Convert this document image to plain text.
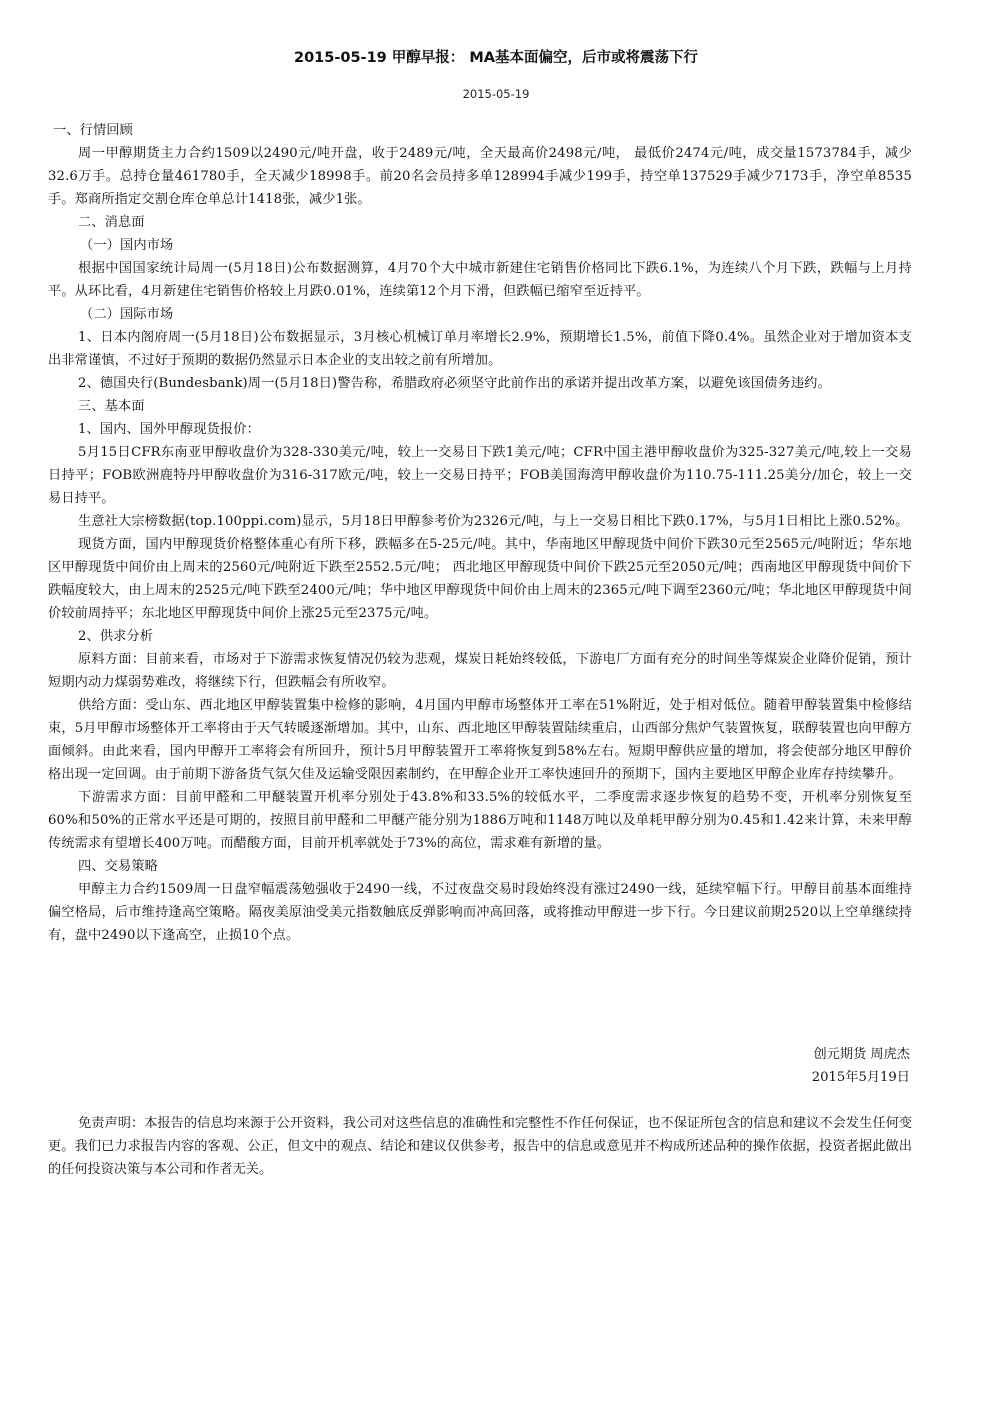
2015-05-19 甲醇早报： MA基本面偏空，后市或将震荡下行
2015-05-19

一、行情回顾

周一甲醇期货主力合约1509以2490元/吨开盘，收于2489元/吨，全天最高价2498元/吨， 最低价2474元/吨，成交量1573784手，减少32.6万手。总持仓量461780手，全天减少18998手。前20名会员持多单128994手减少199手，持空单137529手减少7173手，净空单8535手。郑商所指定交割仓库仓单总计1418张，减少1张。

二、消息面

（一）国内市场

根据中国国家统计局周一(5月18日)公布数据测算，4月70个大中城市新建住宅销售价格同比下跌6.1%，为连续八个月下跌，跌幅与上月持平。从环比看，4月新建住宅销售价格较上月跌0.01%，连续第12个月下滑，但跌幅已缩窄至近持平。

（二）国际市场

1、日本内阁府周一(5月18日)公布数据显示，3月核心机械订单月率增长2.9%，预期增长1.5%，前值下降0.4%。虽然企业对于增加资本支出非常谨慎，不过好于预期的数据仍然显示日本企业的支出较之前有所增加。

2、德国央行(Bundesbank)周一(5月18日)警告称，希腊政府必须坚守此前作出的承诺并提出改革方案，以避免该国债务违约。

三、基本面

1、国内、国外甲醇现货报价：

5月15日CFR东南亚甲醇收盘价为328-330美元/吨，较上一交易日下跌1美元/吨；CFR中国主港甲醇收盘价为325-327美元/吨,较上一交易日持平；FOB欧洲鹿特丹甲醇收盘价为316-317欧元/吨，较上一交易日持平；FOB美国海湾甲醇收盘价为110.75-111.25美分/加仑，较上一交易日持平。

生意社大宗榜数据(top.100ppi.com)显示，5月18日甲醇参考价为2326元/吨，与上一交易日相比下跌0.17%，与5月1日相比上涨0.52%。

现货方面，国内甲醇现货价格整体重心有所下移，跌幅多在5-25元/吨。其中，华南地区甲醇现货中间价下跌30元至2565元/吨附近；华东地区甲醇现货中间价由上周末的2560元/吨附近下跌至2552.5元/吨； 西北地区甲醇现货中间价下跌25元至2050元/吨；西南地区甲醇现货中间价下跌幅度较大，由上周末的2525元/吨下跌至2400元/吨；华中地区甲醇现货中间价由上周末的2365元/吨下调至2360元/吨；华北地区甲醇现货中间价较前周持平；东北地区甲醇现货中间价上涨25元至2375元/吨。

2、供求分析

原料方面：目前来看，市场对于下游需求恢复情况仍较为悲观，煤炭日耗始终较低，下游电厂方面有充分的时间坐等煤炭企业降价促销，预计短期内动力煤弱势难改，将继续下行，但跌幅会有所收窄。

供给方面：受山东、西北地区甲醇装置集中检修的影响，4月国内甲醇市场整体开工率在51%附近，处于相对低位。随着甲醇装置集中检修结束，5月甲醇市场整体开工率将由于天气转暖逐渐增加。其中，山东、西北地区甲醇装置陆续重启，山西部分焦炉气装置恢复，联醇装置也向甲醇方面倾斜。由此来看，国内甲醇开工率将会有所回升，预计5月甲醇装置开工率将恢复到58%左右。短期甲醇供应量的增加，将会使部分地区甲醇价格出现一定回调。由于前期下游备货气氛欠佳及运输受限因素制约，在甲醇企业开工率快速回升的预期下，国内主要地区甲醇企业库存持续攀升。

下游需求方面：目前甲醛和二甲醚装置开机率分别处于43.8%和33.5%的较低水平，二季度需求逐步恢复的趋势不变，开机率分别恢复至60%和50%的正常水平还是可期的，按照目前甲醛和二甲醚产能分别为1886万吨和1148万吨以及单耗甲醇分别为0.45和1.42来计算，未来甲醇传统需求有望增长400万吨。而醋酸方面，目前开机率就处于73%的高位，需求难有新增的量。

四、交易策略

甲醇主力合约1509周一日盘窄幅震荡勉强收于2490一线，不过夜盘交易时段始终没有涨过2490一线，延续窄幅下行。甲醇目前基本面维持偏空格局，后市维持逢高空策略。隔夜美原油受美元指数触底反弹影响而冲高回落，或将推动甲醇进一步下行。今日建议前期2520以上空单继续持有，盘中2490以下逢高空，止损10个点。

创元期货 周虎杰
2015年5月19日

免责声明：本报告的信息均来源于公开资料，我公司对这些信息的准确性和完整性不作任何保证，也不保证所包含的信息和建议不会发生任何变更。我们已力求报告内容的客观、公正，但文中的观点、结论和建议仅供参考，报告中的信息或意见并不构成所述品种的操作依据，投资者据此做出的任何投资决策与本公司和作者无关。
